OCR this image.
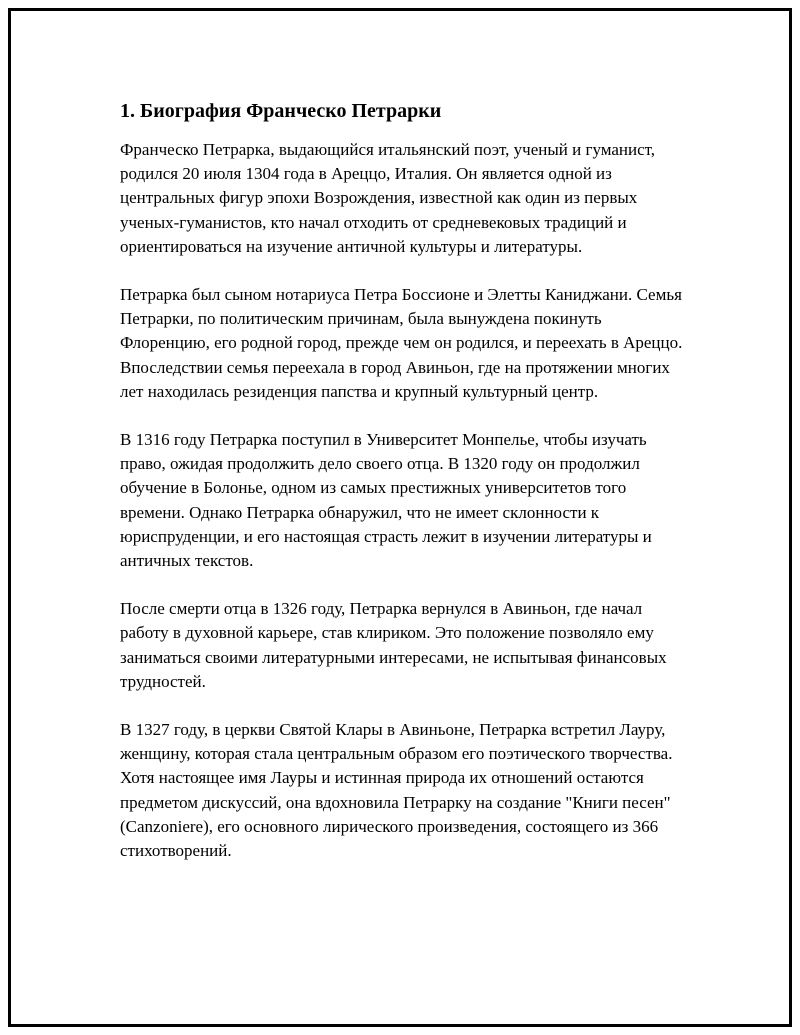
1. Биография Франческо Петрарки

Франческо Петрарка, выдающийся итальянский поэт, ученый и гуманист, родился 20 июля 1304 года в Ареццо, Италия. Он является одной из центральных фигур эпохи Возрождения, известной как один из первых ученых-гуманистов, кто начал отходить от средневековых традиций и ориентироваться на изучение античной культуры и литературы.

Петрарка был сыном нотариуса Петра Боссионе и Элетты Каниджани. Семья Петрарки, по политическим причинам, была вынуждена покинуть Флоренцию, его родной город, прежде чем он родился, и переехать в Ареццо. Впоследствии семья переехала в город Авиньон, где на протяжении многих лет находилась резиденция папства и крупный культурный центр.

В 1316 году Петрарка поступил в Университет Монпелье, чтобы изучать право, ожидая продолжить дело своего отца. В 1320 году он продолжил обучение в Болонье, одном из самых престижных университетов того времени. Однако Петрарка обнаружил, что не имеет склонности к юриспруденции, и его настоящая страсть лежит в изучении литературы и античных текстов.

После смерти отца в 1326 году, Петрарка вернулся в Авиньон, где начал работу в духовной карьере, став клириком. Это положение позволяло ему заниматься своими литературными интересами, не испытывая финансовых трудностей.

В 1327 году, в церкви Святой Клары в Авиньоне, Петрарка встретил Лауру, женщину, которая стала центральным образом его поэтического творчества. Хотя настоящее имя Лауры и истинная природа их отношений остаются предметом дискуссий, она вдохновила Петрарку на создание "Книги песен" (Canzoniere), его основного лирического произведения, состоящего из 366 стихотворений.
